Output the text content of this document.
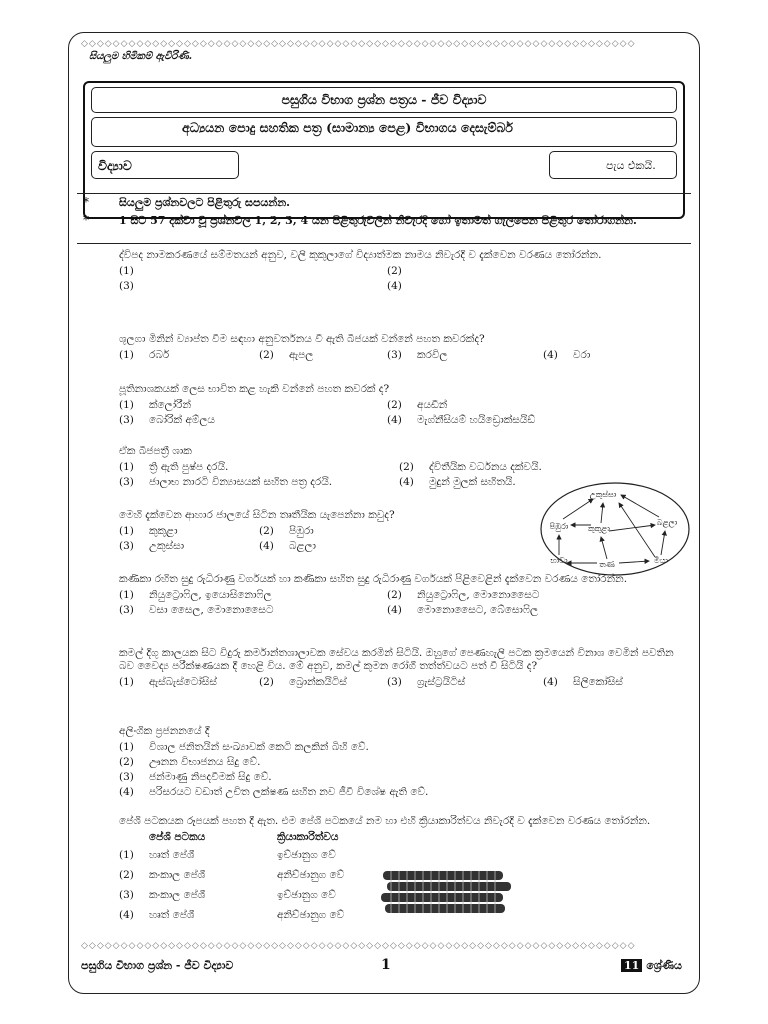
◇◇◇◇◇◇◇◇◇◇◇◇◇◇◇◇◇◇◇◇◇◇◇◇◇◇◇◇◇◇◇◇◇◇◇◇◇◇◇◇◇◇◇◇◇◇◇◇◇◇◇◇◇◇◇◇◇◇◇◇◇◇◇◇◇◇◇◇◇◇
සියලුම හිමිකම් ඇවිරිණි.
පසුගිය විභාග ප්‍රශ්න පත්‍රය - ජීව විද්‍යාව
අධ්‍යයන පොදු සහතික පත්‍ර (සාමාන්‍ය පෙළ) විභාගය දෙසැම්බර්
විද්‍යාව	පැය එකයි.
*	සියලුම ප්‍රශ්නවලට පිළිතුරු සපයන්න.
*	1 සිට 57 දක්වා වූ ප්‍රශ්නවල 1, 2, 3, 4 යන පිළිතුරුවලින් නිවැරදි හෝ ඉතාමත් ගැලපෙන පිළිතුර තෝරාගන්න.
ද්විපද නාමකරණයේ සම්මතයන් අනුව, වලි කුකුලාගේ විද්‍යාත්මක නාමය නිවැරදි ව දැක්වෙන වරණය තෝරන්න.
(1)	(2)
(3)	(4)
ශුලගා මිනින් ව්‍යාප්ත වීම සඳහා අනුවර්තනය වී ඇති බීජයක් වන්නේ පහත කවරක්ද?
(1) රබර්	(2) ඇපල	(3) කරවිල	(4) වරා
පූතිනාශකයක් ලෙස භාවිත කළ හැකි වන්නේ පහත කවරක් ද?
(1) ක්ලෝරීන්	(2) අයඩීන්
(3) බෝරික් අම්ලය	(4) මැග්නීසියම් හයිඩ්‍රොක්සයිඩ්
ඒක බීජපත්‍රී ශාක
(1) ත්‍රි ඇති පුෂ්ප දරයි.	(2) ද්විතීයික වර්ධනය දක්වයි.
(3) ජාලාභ නාරටි වින්‍යාසයක් සහිත පත්‍ර දරයි.	(4) මුදුන් මුලක් සහිතයි.
මෙහි දැක්වෙන ආහාර ජාලයේ සිටින තෘතීයික යැපෙන්නා කවුද?
(1) කුකුළා	(2) පිඹුරා
(3) උකුස්සා	(4) බළලා
උකුස්සා
පිඹුරා කුකුළා
බළලා
භාවා	තණ	මීයා
කණිකා රහිත සුදු රුධිරාණු වර්ගයක් හා කණිකා සහිත සුදු රුධිරාණු වර්ගයක් පිළිවෙළින් දැක්වෙන වරණය තෝරන්න.
(1) නියුට්‍රොෆිල, ඉයොසිනොෆිල	(2) නියුට්‍රොෆිල, මොනොසෛට
(3) වසා සෛල, මොනොසෛට	(4) මොනොසෛට, බේසොෆිල
කමල් දිගු කාලයක සිට විදුරු කර්මාන්තශාලාවක සේවය කරමින් සිටියි. ඔහුගේ පෙණහැලි පටක ක්‍රමයෙන් විනාශ වෙමින් පවතින බව වෛද්‍ය පරීක්ෂණයක දී හෙළි විය. මේ අනුව, කමල් කුමන රෝගී තත්ත්වයට පත් වී සිටියි ද?
(1) ඇස්බැස්ටෝසිස්	(2) බ්‍රොන්කයිටිස්	(3) ග්‍රැස්ට්‍රයිටිස්	(4) සිලිකෝසිස්
අලිංගික ප්‍රජනනයේ දී
(1) විශාල ජනිතයින් සංඛ්‍යාවක් කෙටි කලකින් බිහි වේ.
(2) ඌනන විභාජනය සිදු වේ.
(3) ජන්මාණු නිපදවීමක් සිදු වේ.
(4) පරිසරයට වඩාත් උචිත ලක්ෂණ සහිත නව ජීවී විශේෂ ඇති වේ.
පේශි පටකයක රූපයක් පහත දී ඇත. එම පේශි පටකයේ නම හා එහි ක්‍රියාකාරිත්වය නිවැරදි ව දැක්වෙන වරණය තෝරන්න.
පේශි පටකය	ක්‍රියාකාරිත්වය
(1) හෘත් පේශී	ඉච්ඡානුග වේ
(2) කංකාල පේශී	අනිච්ඡානුග වේ
(3) කංකාල පේශී	ඉච්ඡානුග වේ
(4) හෘත් පේශී	අනිච්ඡානුග වේ
◇◇◇◇◇◇◇◇◇◇◇◇◇◇◇◇◇◇◇◇◇◇◇◇◇◇◇◇◇◇◇◇◇◇◇◇◇◇◇◇◇◇◇◇◇◇◇◇◇◇◇◇◇◇◇◇◇◇◇◇◇◇◇◇◇◇◇◇◇◇
පසුගිය විභාග ප්‍රශ්න - ජීව විද්‍යාව	1	11 ශ්‍රේණිය
